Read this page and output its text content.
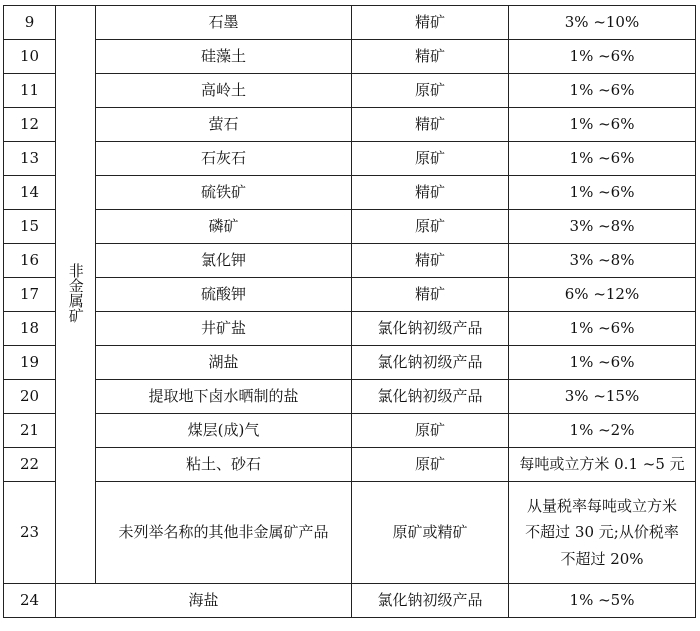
9	非金属矿	石墨	精矿	3% ~10%
10		硅藻土	精矿	1% ~6%
11		高岭土	原矿	1% ~6%
12		萤石	精矿	1% ~6%
13		石灰石	原矿	1% ~6%
14		硫铁矿	精矿	1% ~6%
15		磷矿	原矿	3% ~8%
16		氯化钾	精矿	3% ~8%
17		硫酸钾	精矿	6% ~12%
18		井矿盐	氯化钠初级产品	1% ~6%
19		湖盐	氯化钠初级产品	1% ~6%
20		提取地下卤水晒制的盐	氯化钠初级产品	3% ~15%
21		煤层(成)气	原矿	1% ~2%
22		粘土、砂石	原矿	每吨或立方米 0.1 ~5 元
23		未列举名称的其他非金属矿产品	原矿或精矿	从量税率每吨或立方米
不超过 30 元;从价税率
不超过 20%
24	海盐		氯化钠初级产品	1% ~5%
